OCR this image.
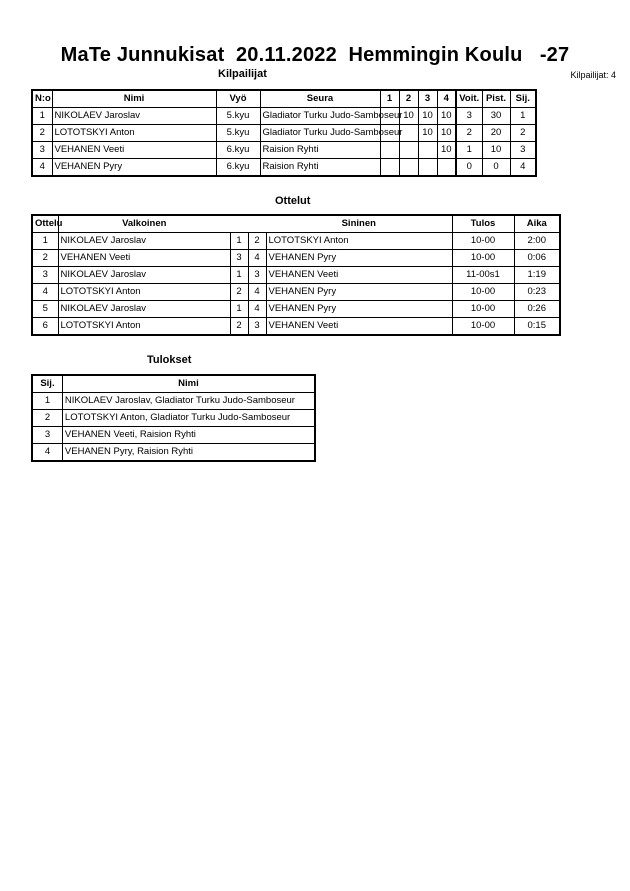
MaTe Junnukisat  20.11.2022  Hemmingin Koulu   -27
Kilpailijat	Kilpailijat: 4
N:o	Nimi	Vyö	Seura	1	2	3	4	Voit.	Pist.	Sij.
1	NIKOLAEV Jaroslav	5.kyu	Gladiator Turku Judo-Samboseur		10	10	10	3	30	1
2	LOTOTSKYI Anton	5.kyu	Gladiator Turku Judo-Samboseur			10	10	2	20	2
3	VEHANEN Veeti	6.kyu	Raision Ryhti				10	1	10	3
4	VEHANEN Pyry	6.kyu	Raision Ryhti					0	0	4
Ottelut
Ottelu	Valkoinen			Sininen	Tulos	Aika
1	NIKOLAEV Jaroslav	1	2	LOTOTSKYI Anton	10-00	2:00
2	VEHANEN Veeti	3	4	VEHANEN Pyry	10-00	0:06
3	NIKOLAEV Jaroslav	1	3	VEHANEN Veeti	11-00s1	1:19
4	LOTOTSKYI Anton	2	4	VEHANEN Pyry	10-00	0:23
5	NIKOLAEV Jaroslav	1	4	VEHANEN Pyry	10-00	0:26
6	LOTOTSKYI Anton	2	3	VEHANEN Veeti	10-00	0:15
Tulokset
Sij.	Nimi
1	NIKOLAEV Jaroslav, Gladiator Turku Judo-Samboseur
2	LOTOTSKYI Anton, Gladiator Turku Judo-Samboseur
3	VEHANEN Veeti, Raision Ryhti
4	VEHANEN Pyry, Raision Ryhti
